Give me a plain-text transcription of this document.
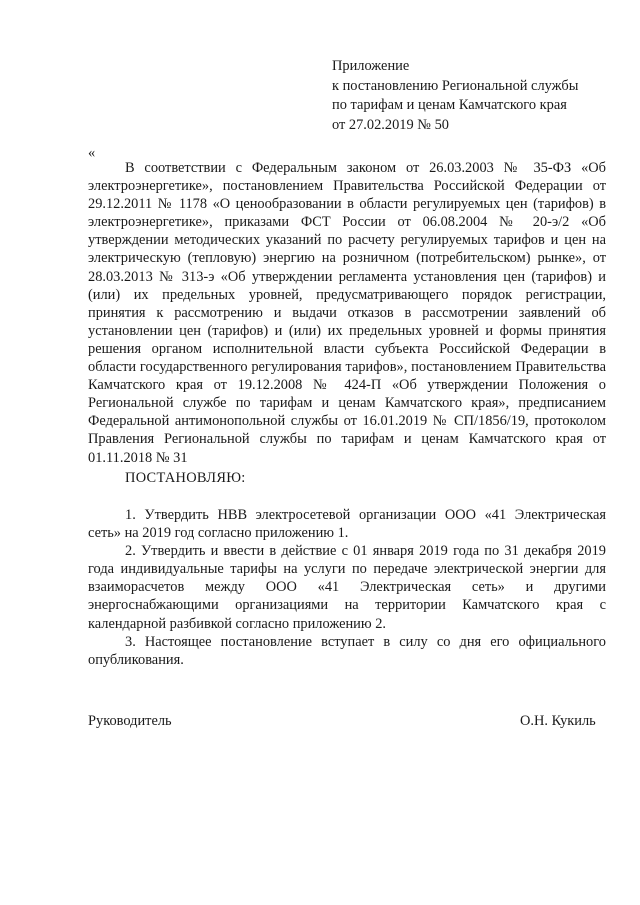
Приложение
к постановлению Региональной службы
по тарифам и ценам Камчатского края
от 27.02.2019 № 50
«

В соответствии с Федеральным законом от 26.03.2003 № 35-ФЗ «Об электроэнергетике», постановлением Правительства Российской Федерации от 29.12.2011 № 1178 «О ценообразовании в области регулируемых цен (тарифов) в электроэнергетике», приказами ФСТ России от 06.08.2004 № 20-э/2 «Об утверждении методических указаний по расчету регулируемых тарифов и цен на электрическую (тепловую) энергию на розничном (потребительском) рынке», от 28.03.2013 № 313-э «Об утверждении регламента установления цен (тарифов) и (или) их предельных уровней, предусматривающего порядок регистрации, принятия к рассмотрению и выдачи отказов в рассмотрении заявлений об установлении цен (тарифов) и (или) их предельных уровней и формы принятия решения органом исполнительной власти субъекта Российской Федерации в области государственного регулирования тарифов», постановлением Правительства Камчатского края от 19.12.2008 № 424-П «Об утверждении Положения о Региональной службе по тарифам и ценам Камчатского края», предписанием Федеральной антимонопольной службы от 16.01.2019 № СП/1856/19, протоколом Правления Региональной службы по тарифам и ценам Камчатского края от 01.11.2018 № 31

ПОСТАНОВЛЯЮ:

1. Утвердить НВВ электросетевой организации ООО «41 Электрическая сеть» на 2019 год согласно приложению 1.

2. Утвердить и ввести в действие с 01 января 2019 года по 31 декабря 2019 года индивидуальные тарифы на услуги по передаче электрической энергии для взаиморасчетов между ООО «41 Электрическая сеть» и другими энергоснабжающими организациями на территории Камчатского края с календарной разбивкой согласно приложению 2.

3. Настоящее постановление вступает в силу со дня его официального опубликования.

Руководитель	О.Н. Кукиль
